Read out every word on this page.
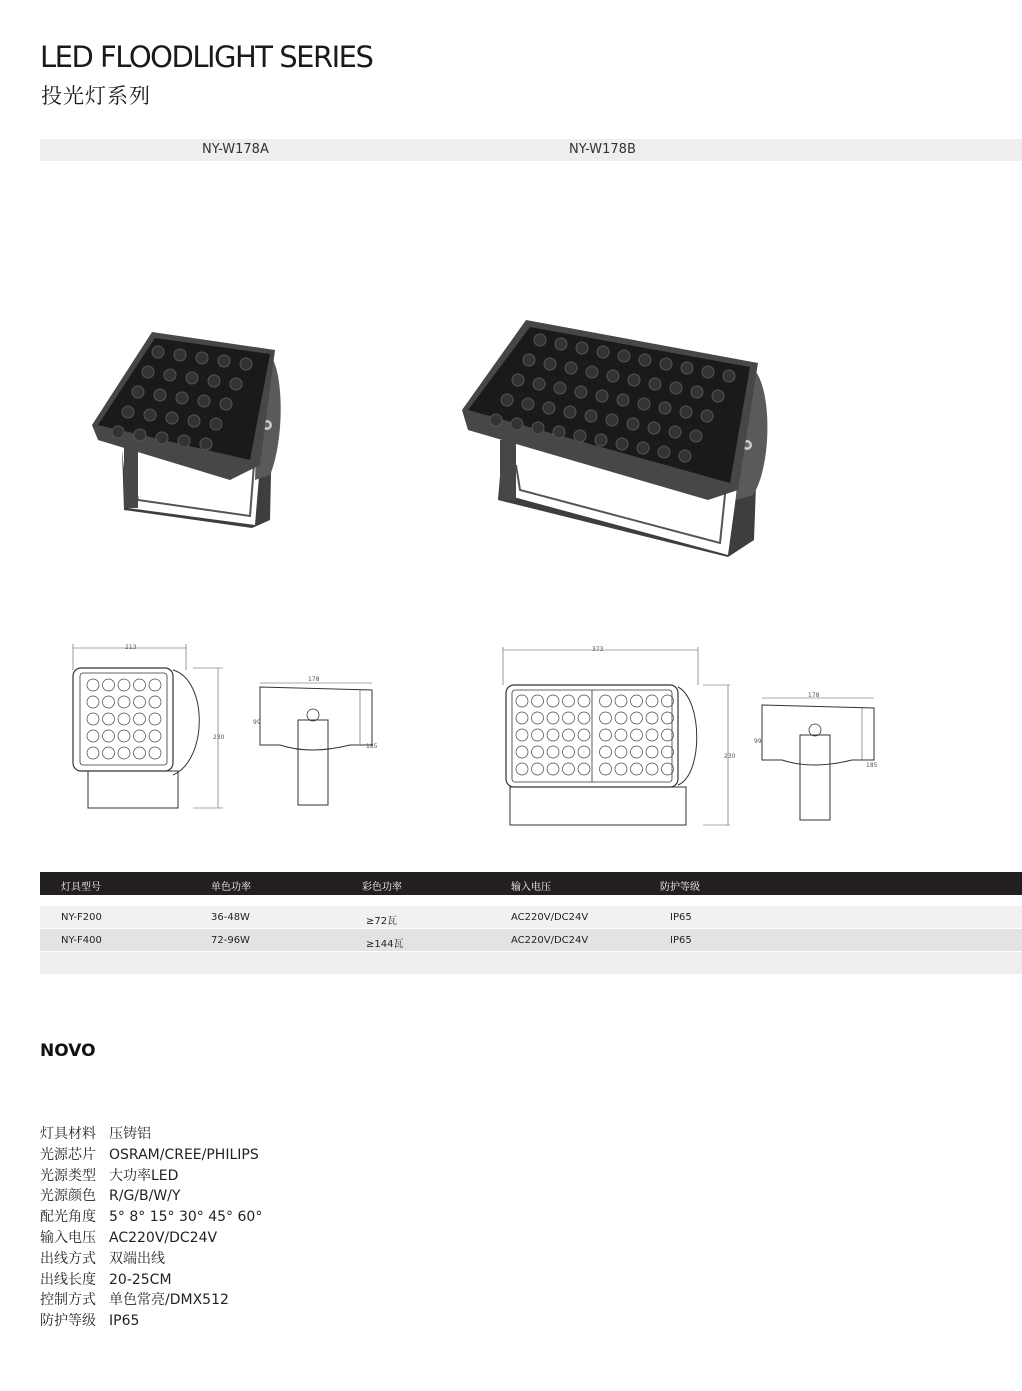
LED FLOODLIGHT SERIES
投光灯系列
NY-W178A	NY-W178B
213
230
178
99
185
373
230
178
99
185
灯具型号	单色功率	彩色功率	输入电压	防护等级
NY-F200	36-48W	≥72瓦	AC220V/DC24V	IP65
NY-F400	72-96W	≥144瓦	AC220V/DC24V	IP65
NOVO
灯具材料 压铸铝
光源芯片 OSRAM/CREE/PHILIPS
光源类型 大功率LED
光源颜色 R/G/B/W/Y
配光角度 5° 8° 15° 30° 45° 60°
输入电压 AC220V/DC24V
出线方式 双端出线
出线长度 20-25CM
控制方式 单色常亮/DMX512
防护等级 IP65
